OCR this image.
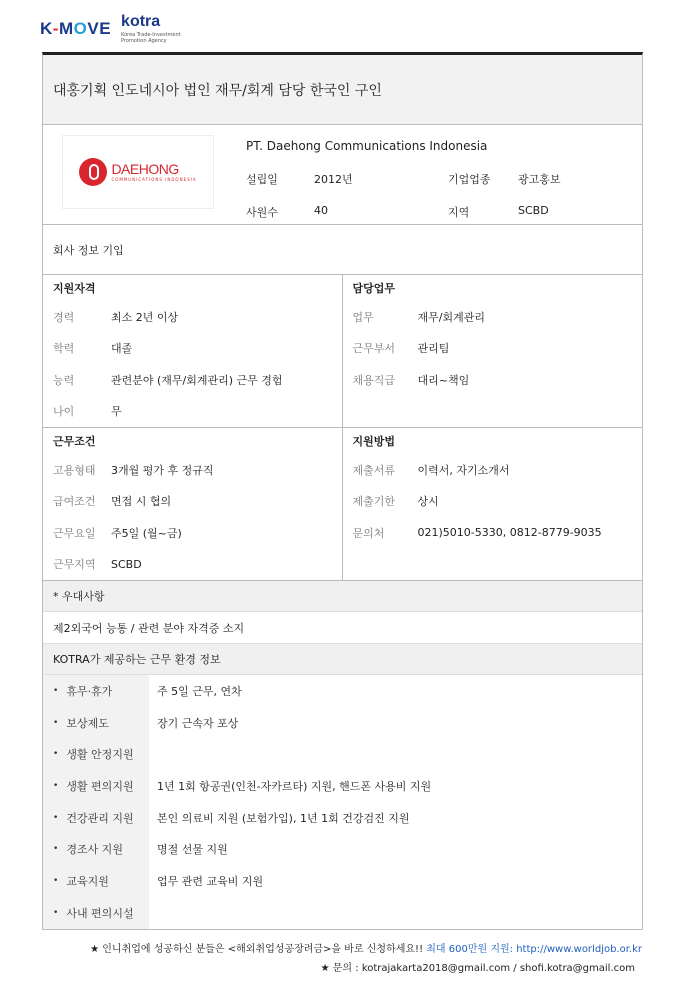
K-MOVE kotra
Korea Trade-Investment Promotion Agency
대홍기획 인도네시아 법인 재무/회계 담당 한국인 구인
DAEHONG
COMMUNICATIONS INDONESIA
PT. Daehong Communications Indonesia
설립일	2012년	기업업종 광고홍보
사원수	40	지역	SCBD
회사 정보 기입
지원자격
경력	최소 2년 이상
학력	대졸
능력	관련분야 (재무/회계관리) 근무 경험
나이	무
담당업무
업무	재무/회계관리
근무부서	관리팀
채용직급	대리~책임
근무조건
고용형태	3개월 평가 후 정규직
급여조건	면접 시 협의
근무요일	주5일 (월~금)
근무지역	SCBD
지원방법
제출서류	이력서, 자기소개서
제출기한	상시
문의처	021)5010-5330, 0812-8779-9035
* 우대사항
제2외국어 능통 / 관련 분야 자격증 소지
KOTRA가 제공하는 근무 환경 정보
• 휴무·휴가	주 5일 근무, 연차
• 보상제도	장기 근속자 포상
• 생활 안정지원
• 생활 편의지원	1년 1회 항공권(인천-자카르타) 지원, 핸드폰 사용비 지원
• 건강관리 지원	본인 의료비 지원 (보험가입), 1년 1회 건강검진 지원
• 경조사 지원	명절 선물 지원
• 교육지원	업무 관련 교육비 지원
• 사내 편의시설
★ 인니취업에 성공하신 분들은 <해외취업성공장려금>을 바로 신청하세요!! 최대 600만원 지원: http://www.worldjob.or.kr
★ 문의 : kotrajakarta2018@gmail.com / shofi.kotra@gmail.com
